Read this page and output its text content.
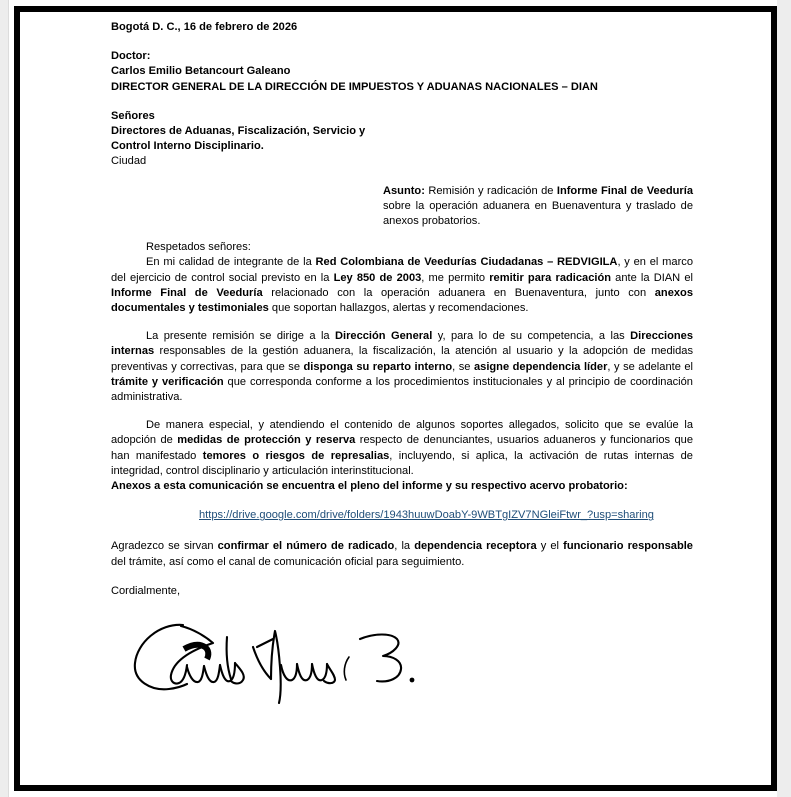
Bogotá D. C., 16 de febrero de 2026
Doctor:
Carlos Emilio Betancourt Galeano
DIRECTOR GENERAL DE LA DIRECCIÓN DE IMPUESTOS Y ADUANAS NACIONALES – DIAN
Señores
Directores de Aduanas, Fiscalización, Servicio y
Control Interno Disciplinario.
Ciudad

Asunto: Remisión y radicación de Informe Final de Veeduría sobre la operación aduanera en Buenaventura y traslado de anexos probatorios.

Respetados señores:

En mi calidad de integrante de la Red Colombiana de Veedurías Ciudadanas – REDVIGILA, y en el marco del ejercicio de control social previsto en la Ley 850 de 2003, me permito remitir para radicación ante la DIAN el Informe Final de Veeduría relacionado con la operación aduanera en Buenaventura, junto con anexos documentales y testimoniales que soportan hallazgos, alertas y recomendaciones.

La presente remisión se dirige a la Dirección General y, para lo de su competencia, a las Direcciones internas responsables de la gestión aduanera, la fiscalización, la atención al usuario y la adopción de medidas preventivas y correctivas, para que se disponga su reparto interno, se asigne dependencia líder, y se adelante el trámite y verificación que corresponda conforme a los procedimientos institucionales y al principio de coordinación administrativa.

De manera especial, y atendiendo el contenido de algunos soportes allegados, solicito que se evalúe la adopción de medidas de protección y reserva respecto de denunciantes, usuarios aduaneros y funcionarios que han manifestado temores o riesgos de represalias, incluyendo, si aplica, la activación de rutas internas de integridad, control disciplinario y articulación interinstitucional.

Anexos a esta comunicación se encuentra el pleno del informe y su respectivo acervo probatorio:

https://drive.google.com/drive/folders/1943huuwDoabY-9WBTgIZV7NGleiFtwr_?usp=sharing

Agradezco se sirvan confirmar el número de radicado, la dependencia receptora y el funcionario responsable del trámite, así como el canal de comunicación oficial para seguimiento.

Cordialmente,
